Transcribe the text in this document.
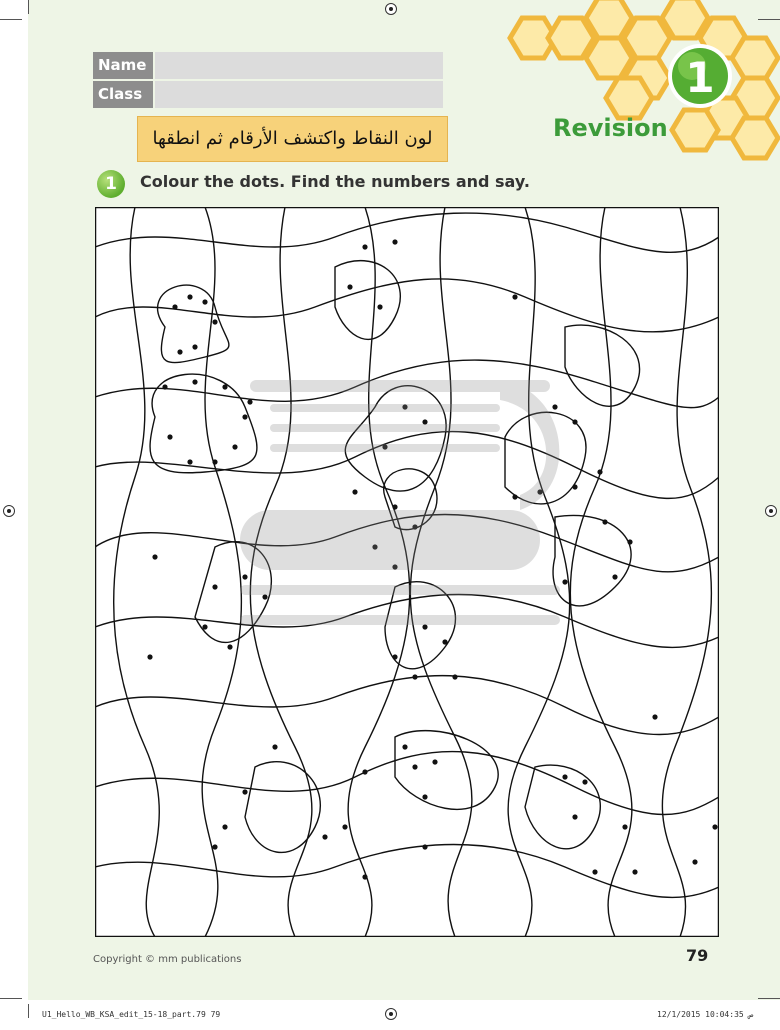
1
Revision
Name
Class
لون النقاط واكتشف الأرقام ثم انطقها
1	Colour the dots. Find the numbers and say.
Copyright © mm publications	79
U1_Hello_WB_KSA_edit_15-18_part.79 79	12/1/2015 10:04:35 ص
